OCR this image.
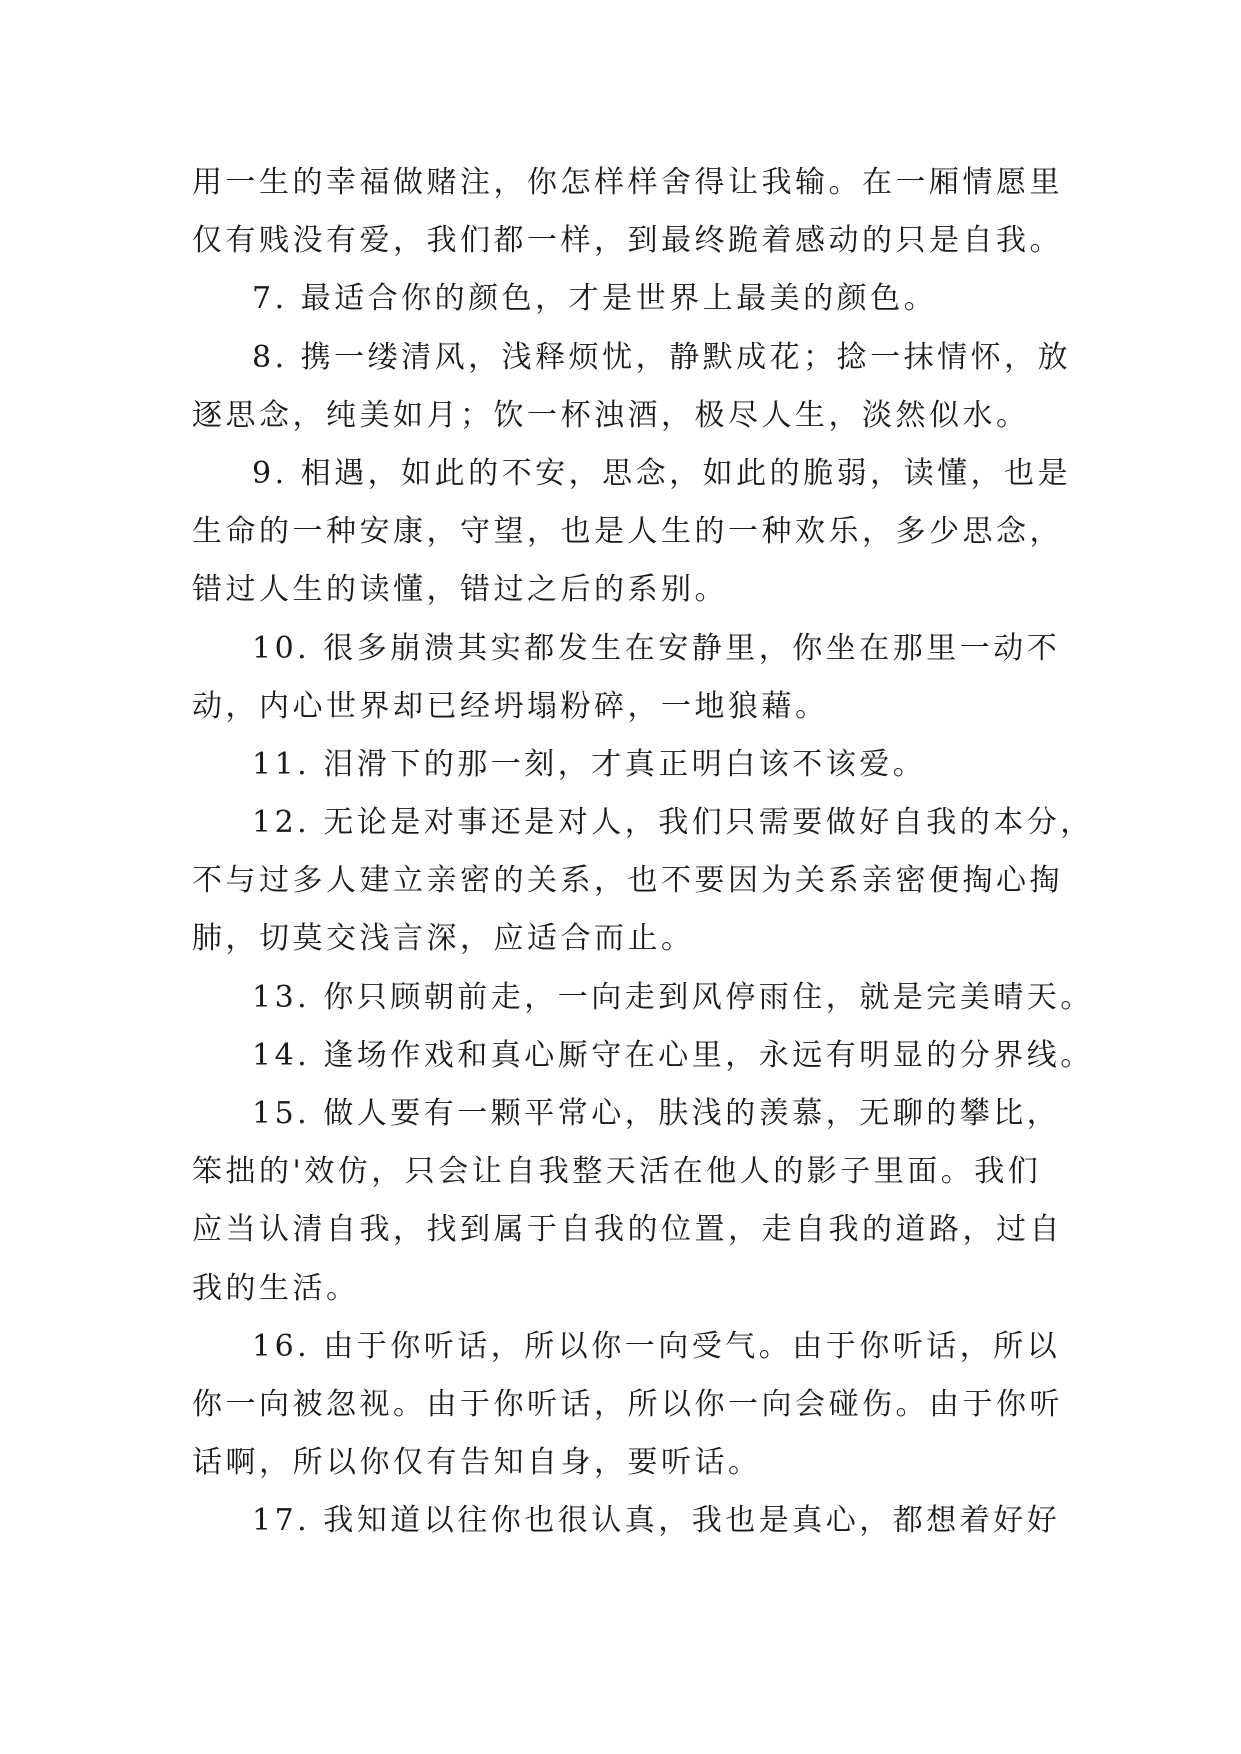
用一生的幸福做赌注，你怎样样舍得让我输。在一厢情愿里
仅有贱没有爱，我们都一样，到最终跪着感动的只是自我。
7. 最适合你的颜色，才是世界上最美的颜色。
8. 携一缕清风，浅释烦忧，静默成花；捻一抹情怀，放
逐思念，纯美如月；饮一杯浊酒，极尽人生，淡然似水。
9. 相遇，如此的不安，思念，如此的脆弱，读懂，也是
生命的一种安康，守望，也是人生的一种欢乐，多少思念，
错过人生的读懂，错过之后的系别。
10. 很多崩溃其实都发生在安静里，你坐在那里一动不
动，内心世界却已经坍塌粉碎，一地狼藉。
11. 泪滑下的那一刻，才真正明白该不该爱。
12. 无论是对事还是对人，我们只需要做好自我的本分，
不与过多人建立亲密的关系，也不要因为关系亲密便掏心掏
肺，切莫交浅言深，应适合而止。
13. 你只顾朝前走，一向走到风停雨住，就是完美晴天。
14. 逢场作戏和真心厮守在心里，永远有明显的分界线。
15. 做人要有一颗平常心，肤浅的羡慕，无聊的攀比，
笨拙的'效仿，只会让自我整天活在他人的影子里面。我们
应当认清自我，找到属于自我的位置，走自我的道路，过自
我的生活。
16. 由于你听话，所以你一向受气。由于你听话，所以
你一向被忽视。由于你听话，所以你一向会碰伤。由于你听
话啊，所以你仅有告知自身，要听话。
17. 我知道以往你也很认真，我也是真心，都想着好好
